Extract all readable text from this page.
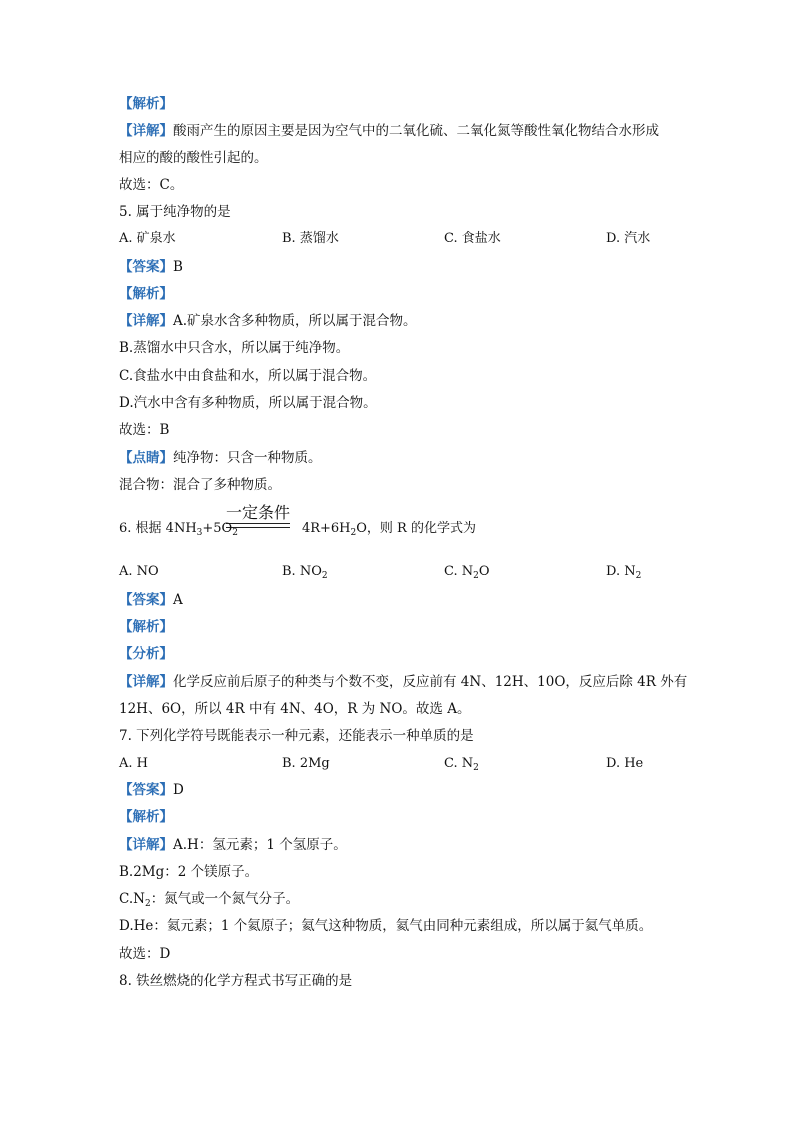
【解析】
【详解】酸雨产生的原因主要是因为空气中的二氧化硫、二氧化氮等酸性氧化物结合水形成
相应的酸的酸性引起的。
故选：C。
5. 属于纯净物的是
A. 矿泉水	B. 蒸馏水	C. 食盐水	D. 汽水
【答案】B
【解析】
【详解】A.矿泉水含多种物质，所以属于混合物。
B.蒸馏水中只含水，所以属于纯净物。
C.食盐水中由食盐和水，所以属于混合物。
D.汽水中含有多种物质，所以属于混合物。
故选：B
【点睛】纯净物：只含一种物质。
混合物：混合了多种物质。
一定条件
6. 根据 $4NH_3+5O_2$	$4R+6H_2O$，则 R 的化学式为
A. NO	B. $NO_2$	C. $N_2O$	D. $N_2$
【答案】A
【解析】
【分析】
【详解】化学反应前后原子的种类与个数不变，反应前有 4N、12H、10O，反应后除 4R 外有
12H、6O，所以 4R 中有 4N、4O，R 为 NO。故选 A。
7. 下列化学符号既能表示一种元素，还能表示一种单质的是
A. H	B. 2Mg	C. $N_2$	D. He
【答案】D
【解析】
【详解】A.H：氢元素；1 个氢原子。
B.2Mg：2 个镁原子。
$C.N_2$：氮气或一个氮气分子。
D.He：氦元素；1 个氦原子；氦气这种物质，氦气由同种元素组成，所以属于氦气单质。
故选：D
8. 铁丝燃烧的化学方程式书写正确的是
